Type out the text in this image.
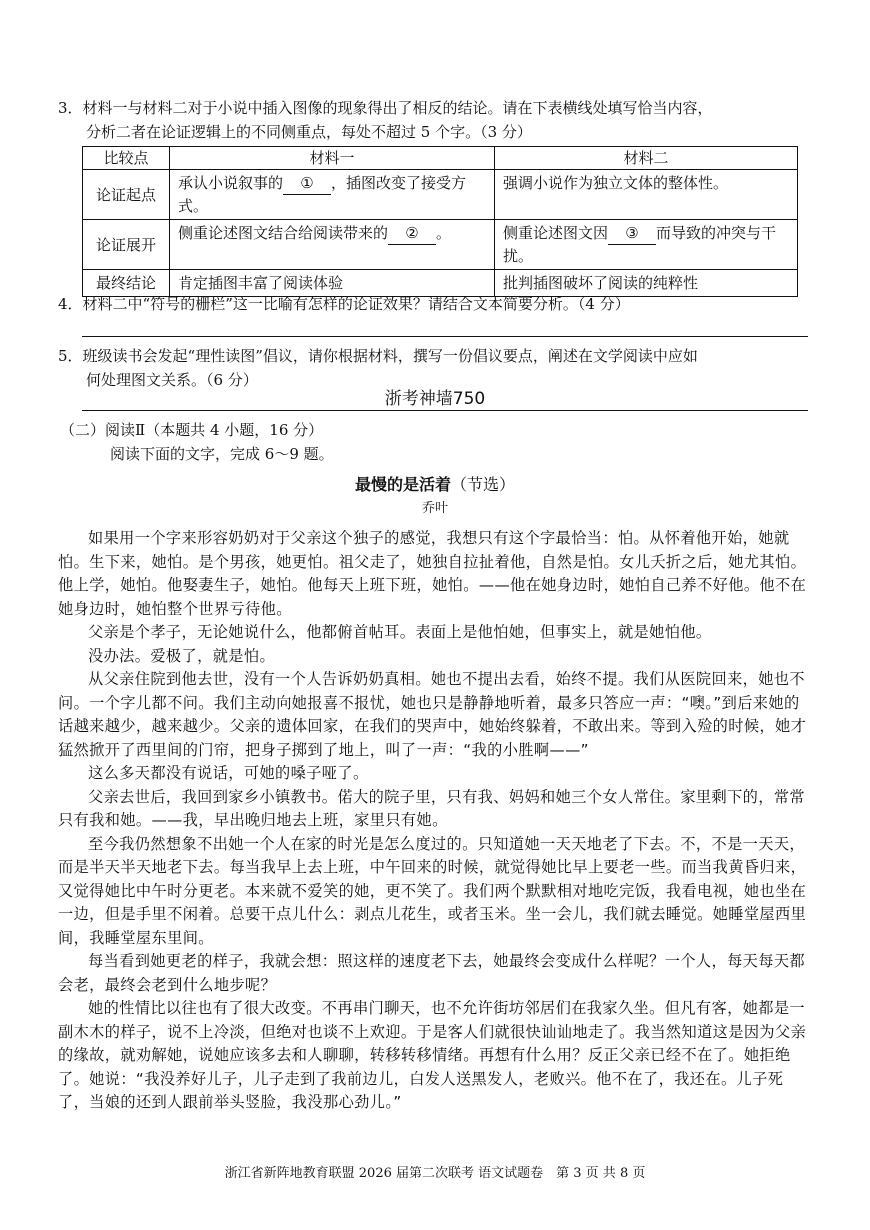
3．材料一与材料二对于小说中插入图像的现象得出了相反的结论。请在下表横线处填写恰当内容，
分析二者在论证逻辑上的不同侧重点，每处不超过 5 个字。（3 分）
比较点	材料一	材料二
论证起点	承认小说叙事的 ① ，插图改变了接受方式。	强调小说作为独立文体的整体性。
论证展开	侧重论述图文结合给阅读带来的 ② 。	侧重论述图文因 ③ 而导致的冲突与干扰。
最终结论	肯定插图丰富了阅读体验	批判插图破坏了阅读的纯粹性
4．材料二中“符号的栅栏”这一比喻有怎样的论证效果？请结合文本简要分析。（4 分）
5．班级读书会发起“理性读图”倡议，请你根据材料，撰写一份倡议要点，阐述在文学阅读中应如
何处理图文关系。（6 分）
浙考神墙750
（二）阅读Ⅱ（本题共 4 小题，16 分）
阅读下面的文字，完成 6～9 题。
最慢的是活着（节选）
乔叶

如果用一个字来形容奶奶对于父亲这个独子的感觉，我想只有这个字最恰当：怕。从怀着他开始，她就怕。生下来，她怕。是个男孩，她更怕。祖父走了，她独自拉扯着他，自然是怕。女儿夭折之后，她尤其怕。他上学，她怕。他娶妻生子，她怕。他每天上班下班，她怕。——他在她身边时，她怕自己养不好他。他不在她身边时，她怕整个世界亏待他。

父亲是个孝子，无论她说什么，他都俯首帖耳。表面上是他怕她，但事实上，就是她怕他。

没办法。爱极了，就是怕。

从父亲住院到他去世，没有一个人告诉奶奶真相。她也不提出去看，始终不提。我们从医院回来，她也不问。一个字儿都不问。我们主动向她报喜不报忧，她也只是静静地听着，最多只答应一声：“噢。”到后来她的话越来越少，越来越少。父亲的遗体回家，在我们的哭声中，她始终躲着，不敢出来。等到入殓的时候，她才猛然掀开了西里间的门帘，把身子掷到了地上，叫了一声：“我的小胜啊——”

这么多天都没有说话，可她的嗓子哑了。

父亲去世后，我回到家乡小镇教书。偌大的院子里，只有我、妈妈和她三个女人常住。家里剩下的，常常只有我和她。——我，早出晚归地去上班，家里只有她。

至今我仍然想象不出她一个人在家的时光是怎么度过的。只知道她一天天地老了下去。不，不是一天天，而是半天半天地老下去。每当我早上去上班，中午回来的时候，就觉得她比早上要老一些。而当我黄昏归来，又觉得她比中午时分更老。本来就不爱笑的她，更不笑了。我们两个默默相对地吃完饭，我看电视，她也坐在一边，但是手里不闲着。总要干点儿什么：剥点儿花生，或者玉米。坐一会儿，我们就去睡觉。她睡堂屋西里间，我睡堂屋东里间。

每当看到她更老的样子，我就会想：照这样的速度老下去，她最终会变成什么样呢？一个人，每天每天都会老，最终会老到什么地步呢？

她的性情比以往也有了很大改变。不再串门聊天，也不允许街坊邻居们在我家久坐。但凡有客，她都是一副木木的样子，说不上冷淡，但绝对也谈不上欢迎。于是客人们就很快讪讪地走了。我当然知道这是因为父亲的缘故，就劝解她，说她应该多去和人聊聊，转移转移情绪。再想有什么用？反正父亲已经不在了。她拒绝了。她说：“我没养好儿子，儿子走到了我前边儿，白发人送黑发人，老败兴。他不在了，我还在。儿子死了，当娘的还到人跟前举头竖脸，我没那心劲儿。”

浙江省新阵地教育联盟 2026 届第二次联考 语文试题卷　第 3 页 共 8 页
